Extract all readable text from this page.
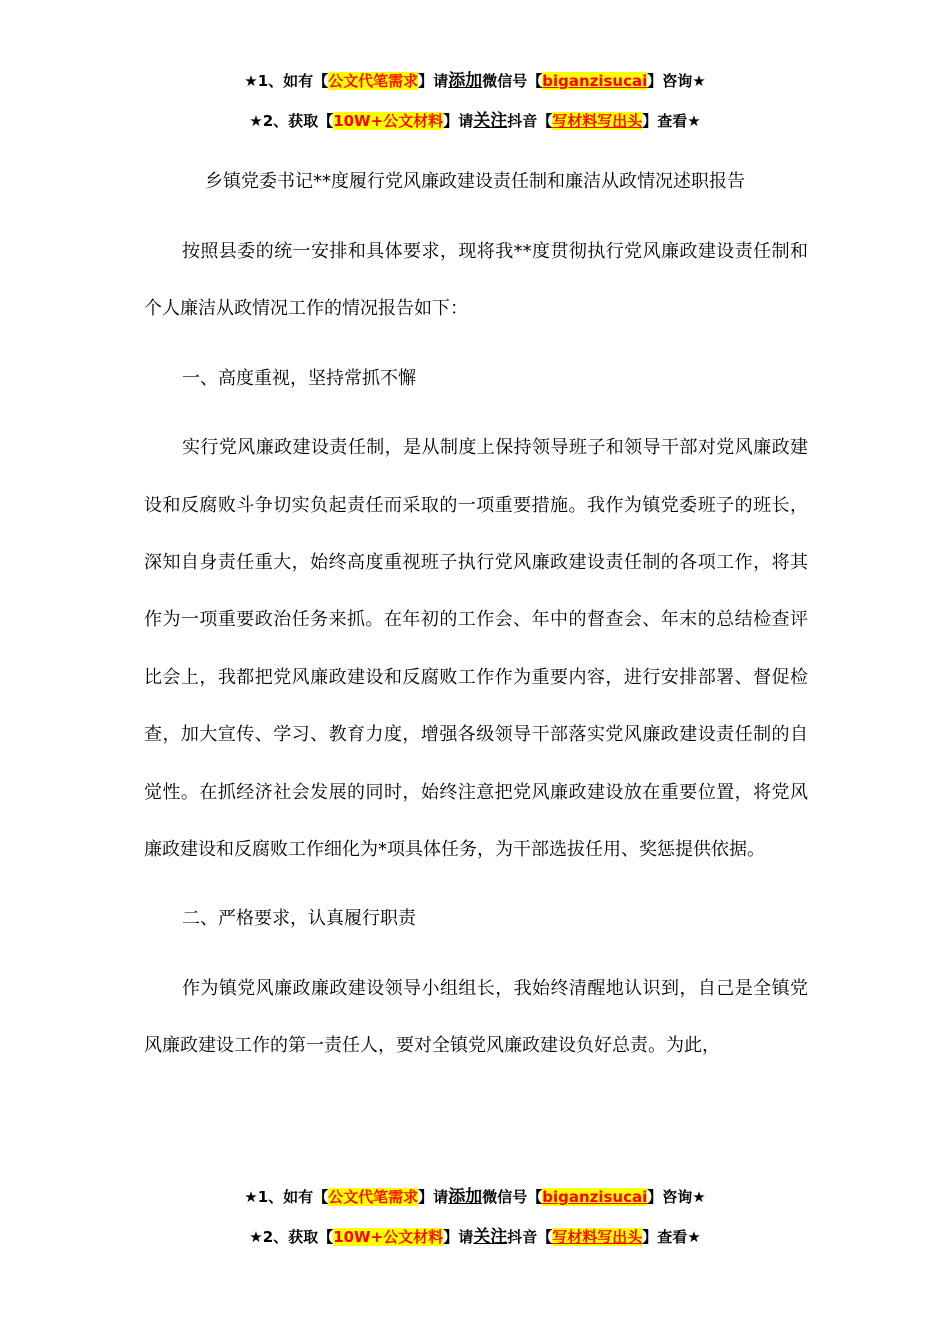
★1、如有【公文代笔需求】请添加微信号【biganzisucai】咨询★
★2、获取【10W+公文材料】请关注抖音【写材料写出头】查看★
乡镇党委书记**度履行党风廉政建设责任制和廉洁从政情况述职报告

按照县委的统一安排和具体要求，现将我**度贯彻执行党风廉政建设责任制和个人廉洁从政情况工作的情况报告如下：

一、高度重视，坚持常抓不懈

实行党风廉政建设责任制，是从制度上保持领导班子和领导干部对党风廉政建设和反腐败斗争切实负起责任而采取的一项重要措施。我作为镇党委班子的班长，深知自身责任重大，始终高度重视班子执行党风廉政建设责任制的各项工作，将其作为一项重要政治任务来抓。在年初的工作会、年中的督查会、年末的总结检查评比会上，我都把党风廉政建设和反腐败工作作为重要内容，进行安排部署、督促检查，加大宣传、学习、教育力度，增强各级领导干部落实党风廉政建设责任制的自觉性。在抓经济社会发展的同时，始终注意把党风廉政建设放在重要位置，将党风廉政建设和反腐败工作细化为*项具体任务，为干部选拔任用、奖惩提供依据。

二、严格要求，认真履行职责

作为镇党风廉政廉政建设领导小组组长，我始终清醒地认识到，自己是全镇党风廉政建设工作的第一责任人，要对全镇党风廉政建设负好总责。为此，

★1、如有【公文代笔需求】请添加微信号【biganzisucai】咨询★
★2、获取【10W+公文材料】请关注抖音【写材料写出头】查看★
